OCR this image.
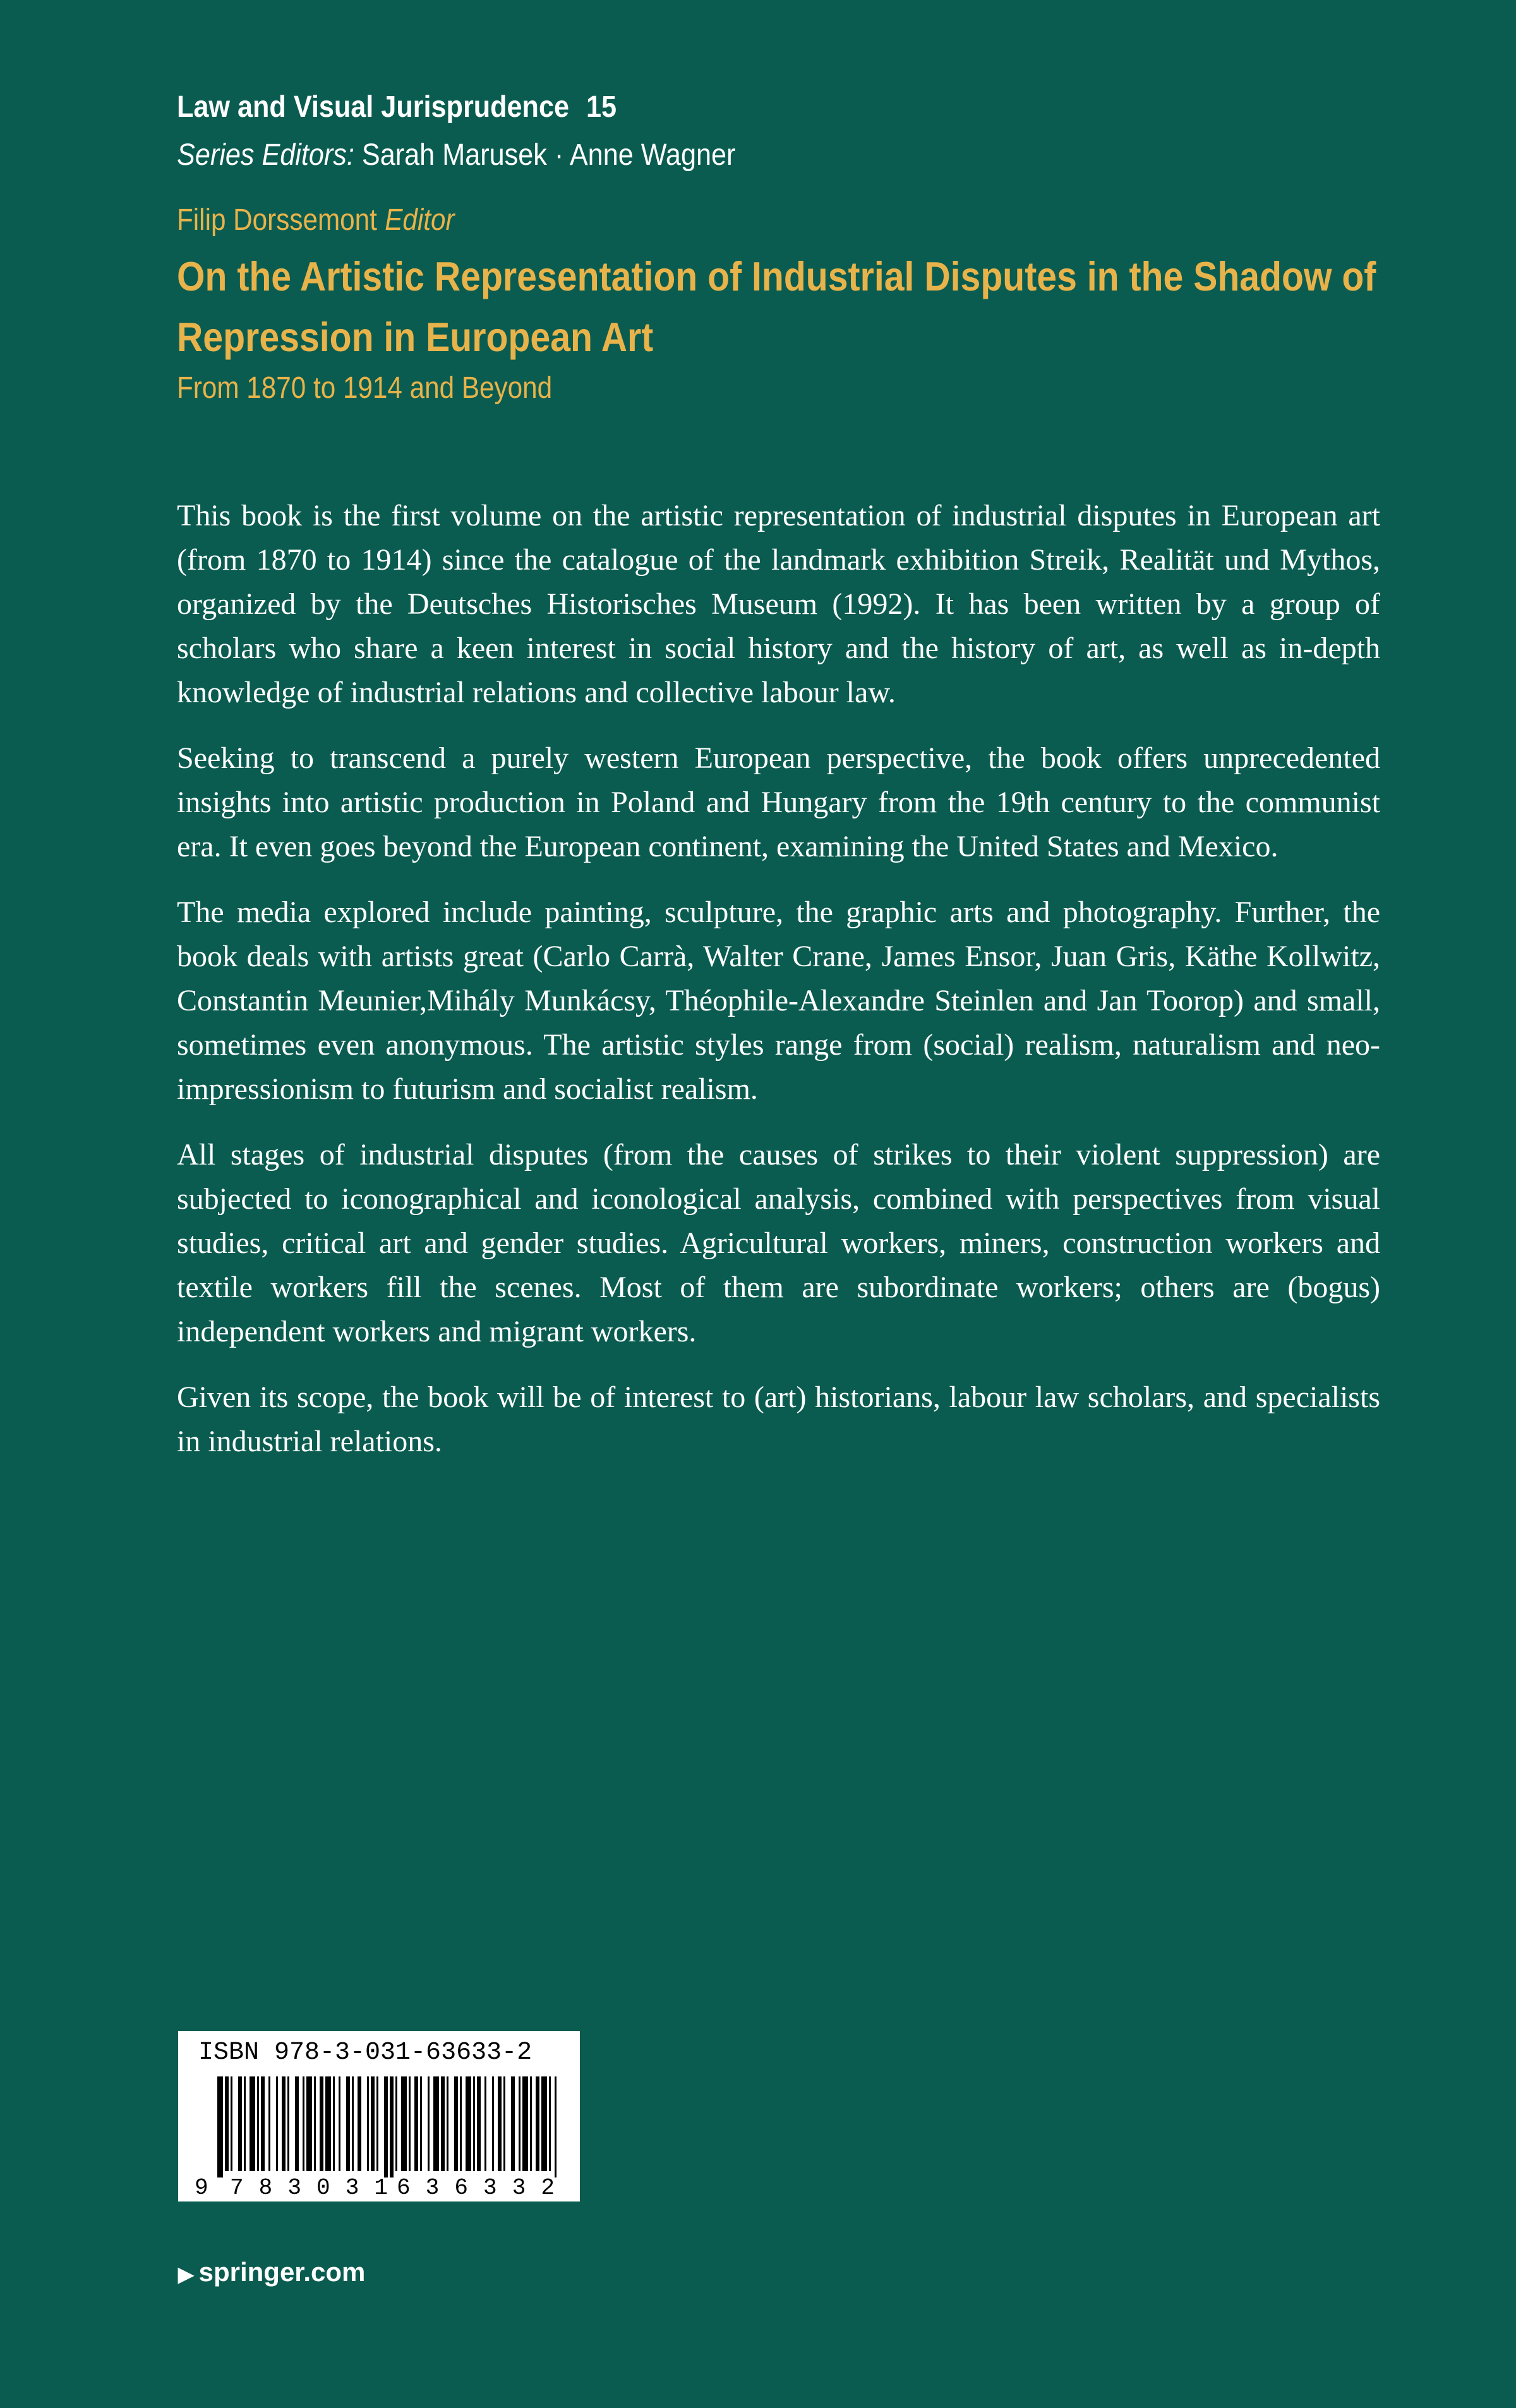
Law and Visual Jurisprudence 15
Series Editors: Sarah Marusek · Anne Wagner
Filip Dorssemont Editor
On the Artistic Representation of Industrial Disputes in the Shadow of Repression in European Art
From 1870 to 1914 and Beyond

This book is the first volume on the artistic representation of industrial disputes in European art (from 1870 to 1914) since the catalogue of the landmark exhibition Streik, Realität und Mythos, organized by the Deutsches Historisches Museum (1992). It has been written by a group of scholars who share a keen interest in social history and the history of art, as well as in-depth knowledge of industrial relations and collective labour law.

Seeking to transcend a purely western European perspective, the book offers unprecedented insights into artistic production in Poland and Hungary from the 19th century to the communist era. It even goes beyond the European continent, examining the United States and Mexico.

The media explored include painting, sculpture, the graphic arts and photography. Further, the book deals with artists great (Carlo Carrà, Walter Crane, James Ensor, Juan Gris, Käthe Kollwitz, Constantin Meunier,Mihály Munkácsy, Théophile-Alexandre Steinlen and Jan Toorop) and small, sometimes even anonymous. The artistic styles range from (social) realism, naturalism and neo-impressionism to futurism and socialist realism.

All stages of industrial disputes (from the causes of strikes to their violent suppression) are subjected to iconographical and iconological analysis, combined with perspectives from visual studies, critical art and gender studies. Agricultural workers, miners, construction workers and textile workers fill the scenes. Most of them are subordinate workers; others are (bogus) independent workers and migrant workers.

Given its scope, the book will be of interest to (art) historians, labour law scholars, and specialists in industrial relations.

ISBN 978-3-031-63633-2
9 783031 636332
▶ springer.com
